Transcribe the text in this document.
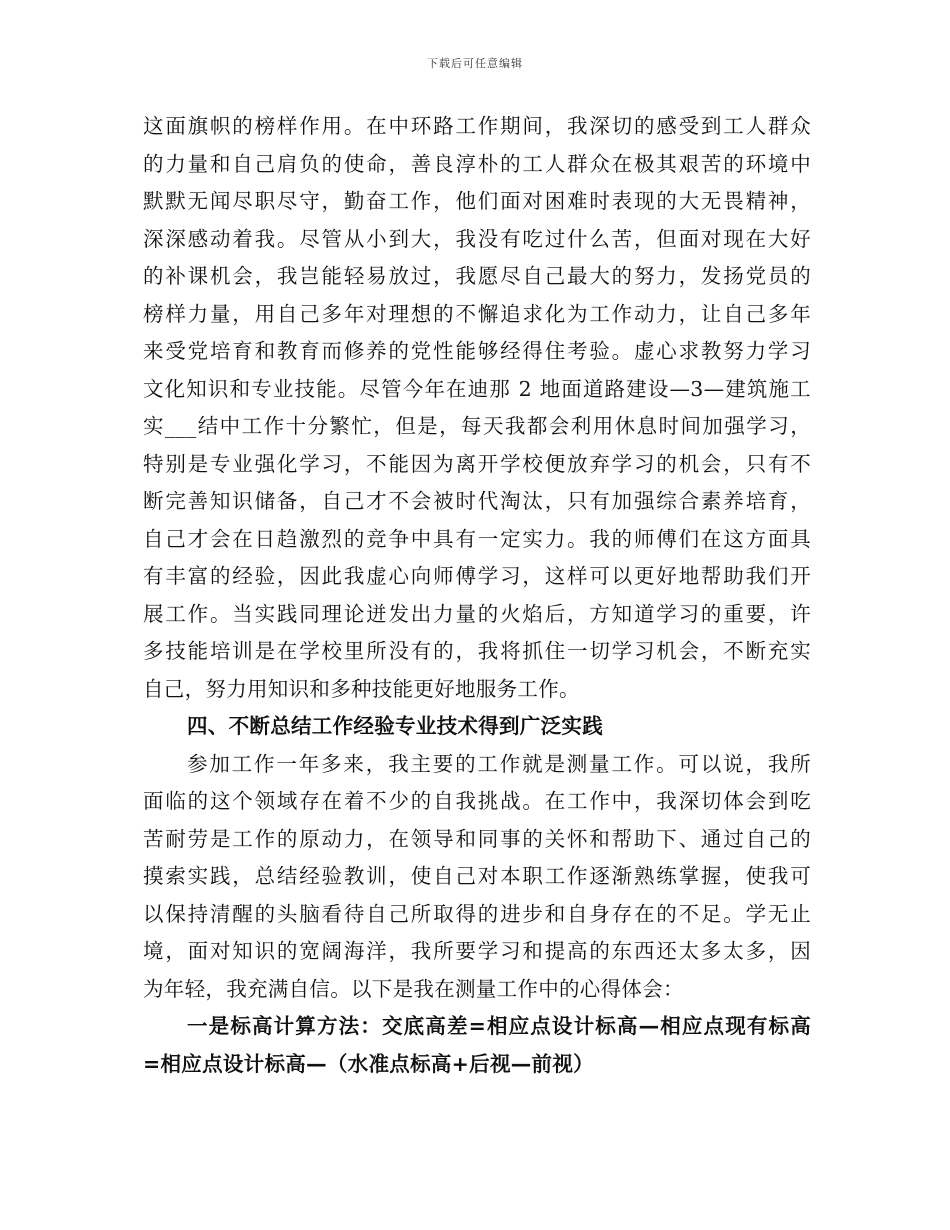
下载后可任意编辑
这面旗帜的榜样作用。在中环路工作期间，我深切的感受到工人群众
的力量和自己肩负的使命，善良淳朴的工人群众在极其艰苦的环境中
默默无闻尽职尽守，勤奋工作，他们面对困难时表现的大无畏精神，
深深感动着我。尽管从小到大，我没有吃过什么苦，但面对现在大好
的补课机会，我岂能轻易放过，我愿尽自己最大的努力，发扬党员的
榜样力量，用自己多年对理想的不懈追求化为工作动力，让自己多年
来受党培育和教育而修养的党性能够经得住考验。虚心求教努力学习
文化知识和专业技能。尽管今年在迪那 2 地面道路建设—3—建筑施工
实___结中工作十分繁忙，但是，每天我都会利用休息时间加强学习，
特别是专业强化学习，不能因为离开学校便放弃学习的机会，只有不
断完善知识储备，自己才不会被时代淘汰，只有加强综合素养培育，
自己才会在日趋激烈的竞争中具有一定实力。我的师傅们在这方面具
有丰富的经验，因此我虚心向师傅学习，这样可以更好地帮助我们开
展工作。当实践同理论迸发出力量的火焰后，方知道学习的重要，许
多技能培训是在学校里所没有的，我将抓住一切学习机会，不断充实
自己，努力用知识和多种技能更好地服务工作。
四、不断总结工作经验专业技术得到广泛实践
参加工作一年多来，我主要的工作就是测量工作。可以说，我所
面临的这个领域存在着不少的自我挑战。在工作中，我深切体会到吃
苦耐劳是工作的原动力，在领导和同事的关怀和帮助下、通过自己的
摸索实践，总结经验教训，使自己对本职工作逐渐熟练掌握，使我可
以保持清醒的头脑看待自己所取得的进步和自身存在的不足。学无止
境，面对知识的宽阔海洋，我所要学习和提高的东西还太多太多，因
为年轻，我充满自信。以下是我在测量工作中的心得体会：
一是标高计算方法：交底高差=相应点设计标高—相应点现有标高
=相应点设计标高—（水准点标高+后视—前视）
